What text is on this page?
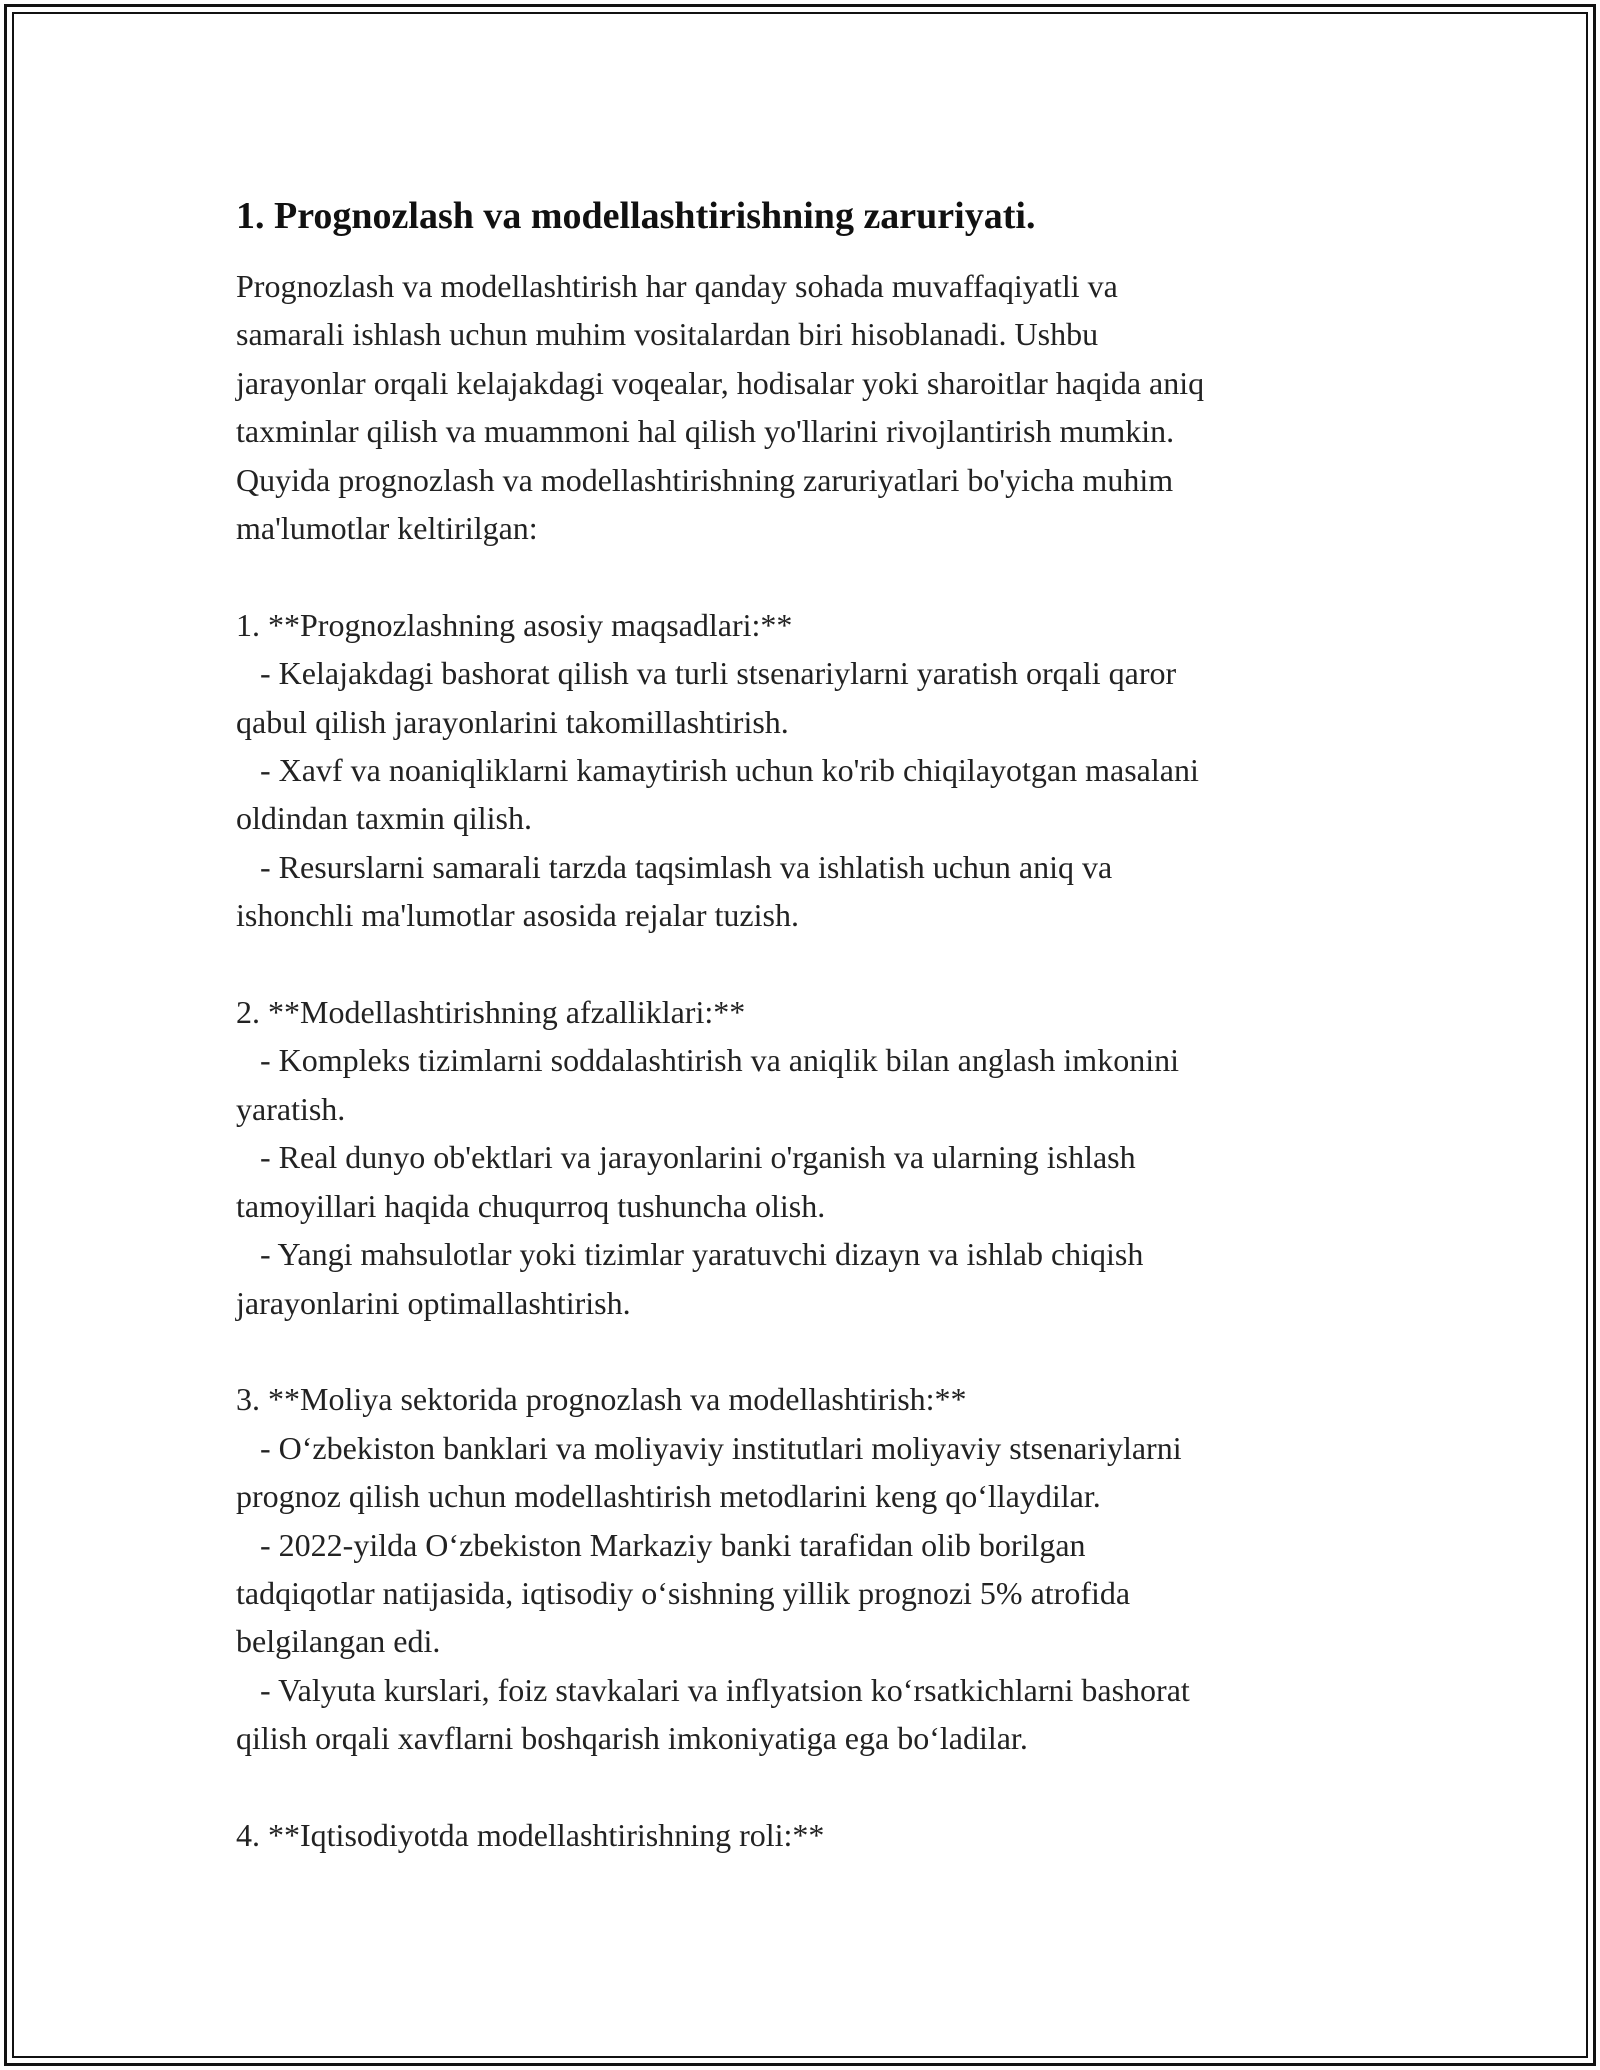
1. Prognozlash va modellashtirishning zaruriyati.
Prognozlash va modellashtirish har qanday sohada muvaffaqiyatli va
samarali ishlash uchun muhim vositalardan biri hisoblanadi. Ushbu
jarayonlar orqali kelajakdagi voqealar, hodisalar yoki sharoitlar haqida aniq
taxminlar qilish va muammoni hal qilish yo'llarini rivojlantirish mumkin.
Quyida prognozlash va modellashtirishning zaruriyatlari bo'yicha muhim
ma'lumotlar keltirilgan:
1. **Prognozlashning asosiy maqsadlari:**
- Kelajakdagi bashorat qilish va turli stsenariylarni yaratish orqali qaror
qabul qilish jarayonlarini takomillashtirish.
- Xavf va noaniqliklarni kamaytirish uchun ko'rib chiqilayotgan masalani
oldindan taxmin qilish.
- Resurslarni samarali tarzda taqsimlash va ishlatish uchun aniq va
ishonchli ma'lumotlar asosida rejalar tuzish.
2. **Modellashtirishning afzalliklari:**
- Kompleks tizimlarni soddalashtirish va aniqlik bilan anglash imkonini
yaratish.
- Real dunyo ob'ektlari va jarayonlarini o'rganish va ularning ishlash
tamoyillari haqida chuqurroq tushuncha olish.
- Yangi mahsulotlar yoki tizimlar yaratuvchi dizayn va ishlab chiqish
jarayonlarini optimallashtirish.
3. **Moliya sektorida prognozlash va modellashtirish:**
- O‘zbekiston banklari va moliyaviy institutlari moliyaviy stsenariylarni
prognoz qilish uchun modellashtirish metodlarini keng qo‘llaydilar.
- 2022-yilda O‘zbekiston Markaziy banki tarafidan olib borilgan
tadqiqotlar natijasida, iqtisodiy o‘sishning yillik prognozi 5% atrofida
belgilangan edi.
- Valyuta kurslari, foiz stavkalari va inflyatsion ko‘rsatkichlarni bashorat
qilish orqali xavflarni boshqarish imkoniyatiga ega bo‘ladilar.
4. **Iqtisodiyotda modellashtirishning roli:**
